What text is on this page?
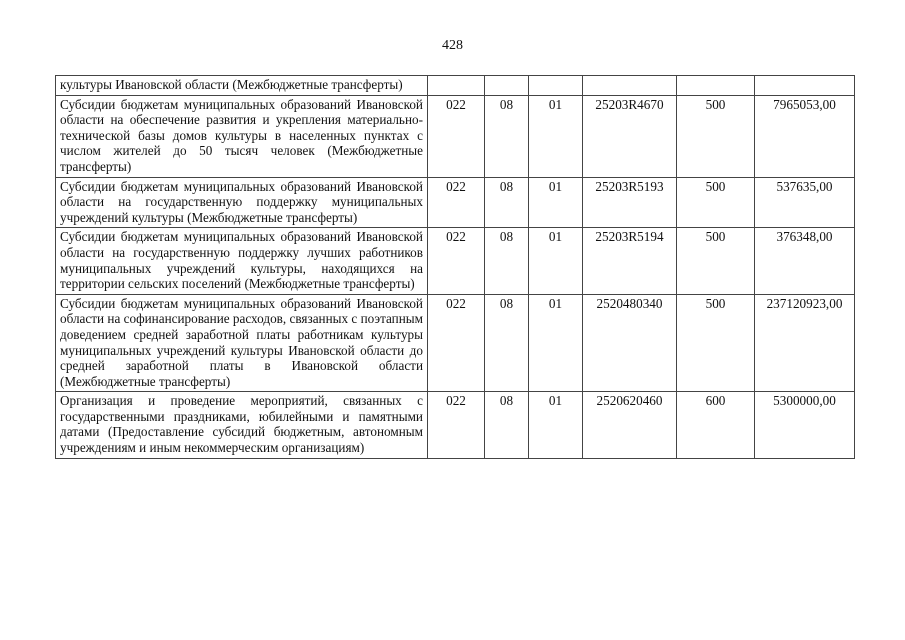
428
культуры Ивановской области (Межбюджетные трансферты)						
Субсидии бюджетам муниципальных образований Ивановской области на обеспечение развития и укрепления материально-технической базы домов культуры в населенных пунктах с числом жителей до 50 тысяч человек (Межбюджетные трансферты)	022	08	01	25203R4670	500	7965053,00
Субсидии бюджетам муниципальных образований Ивановской области на государственную поддержку муниципальных учреждений культуры (Межбюджетные трансферты)	022	08	01	25203R5193	500	537635,00
Субсидии бюджетам муниципальных образований Ивановской области на государственную поддержку лучших работников муниципальных учреждений культуры, находящихся на территории сельских поселений (Межбюджетные трансферты)	022	08	01	25203R5194	500	376348,00
Субсидии бюджетам муниципальных образований Ивановской области на софинансирование расходов, связанных с поэтапным доведением средней заработной платы работникам культуры муниципальных учреждений культуры Ивановской области до средней заработной платы в Ивановской области (Межбюджетные трансферты)	022	08	01	2520480340	500	237120923,00
Организация и проведение мероприятий, связанных с государственными праздниками, юбилейными и памятными датами (Предоставление субсидий бюджетным, автономным учреждениям и иным некоммерческим организациям)	022	08	01	2520620460	600	5300000,00
